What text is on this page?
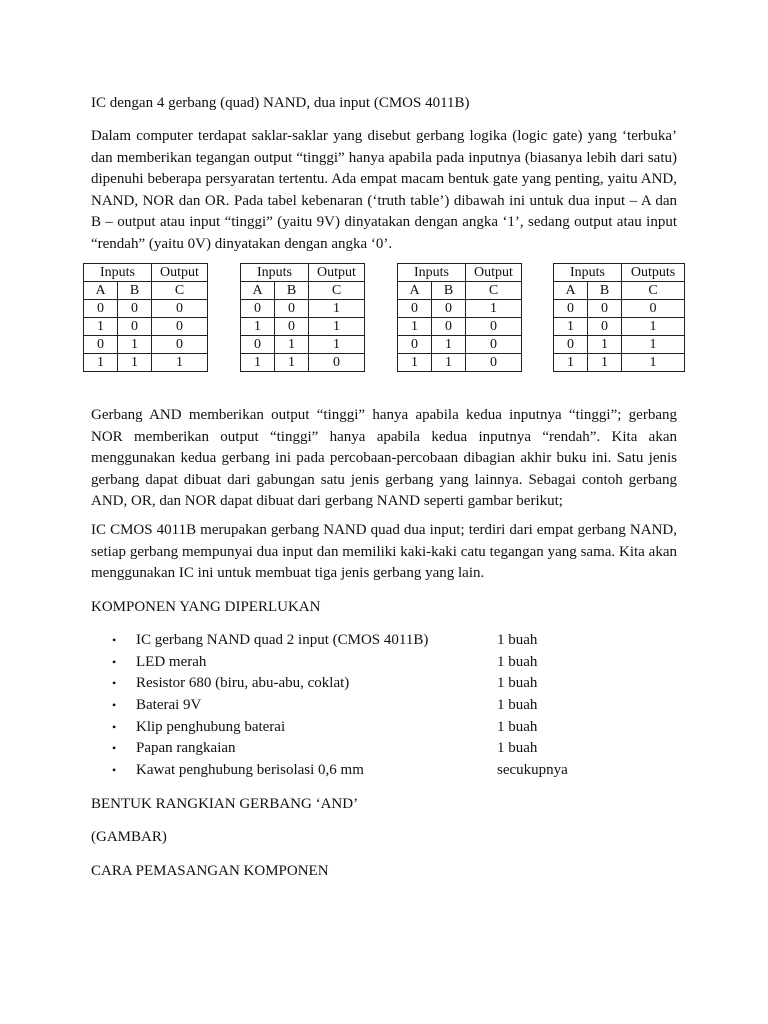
IC dengan 4 gerbang (quad) NAND, dua input (CMOS 4011B)

Dalam computer terdapat saklar-saklar yang disebut gerbang logika (logic gate) yang ‘terbuka’ dan memberikan tegangan output “tinggi” hanya apabila pada inputnya (biasanya lebih dari satu) dipenuhi beberapa persyaratan tertentu. Ada empat macam bentuk gate yang penting, yaitu AND, NAND, NOR dan OR. Pada tabel kebenaran (‘truth table’) dibawah ini untuk dua input – A dan B – output atau input “tinggi” (yaitu 9V) dinyatakan dengan angka ‘1’, sedang output atau input “rendah” (yaitu 0V) dinyatakan dengan angka ‘0’.

Inputs		Output
A	B	C
0	0	0
1	0	0
0	1	0
1	1	1
Inputs		Output
A	B	C
0	0	1
1	0	1
0	1	1
1	1	0
Inputs		Output
A	B	C
0	0	1
1	0	0
0	1	0
1	1	0
Inputs		Outputs
A	B	C
0	0	0
1	0	1
0	1	1
1	1	1

Gerbang AND memberikan output “tinggi” hanya apabila kedua inputnya “tinggi”; gerbang NOR memberikan output “tinggi” hanya apabila kedua inputnya “rendah”. Kita akan menggunakan kedua gerbang ini pada percobaan-percobaan dibagian akhir buku ini. Satu jenis gerbang dapat dibuat dari gabungan satu jenis gerbang yang lainnya. Sebagai contoh gerbang AND, OR, dan NOR dapat dibuat dari gerbang NAND seperti gambar berikut;

IC CMOS 4011B merupakan gerbang NAND quad dua input; terdiri dari empat gerbang NAND, setiap gerbang mempunyai dua input dan memiliki kaki-kaki catu tegangan yang sama. Kita akan menggunakan IC ini untuk membuat tiga jenis gerbang yang lain.

KOMPONEN YANG DIPERLUKAN
• IC gerbang NAND quad 2 input (CMOS 4011B)	1 buah
• LED merah	1 buah
• Resistor 680 (biru, abu-abu, coklat)	1 buah
• Baterai 9V	1 buah
• Klip penghubung baterai	1 buah
• Papan rangkaian	1 buah
• Kawat penghubung berisolasi 0,6 mm	secukupnya
BENTUK RANGKIAN GERBANG ‘AND’
(GAMBAR)
CARA PEMASANGAN KOMPONEN
